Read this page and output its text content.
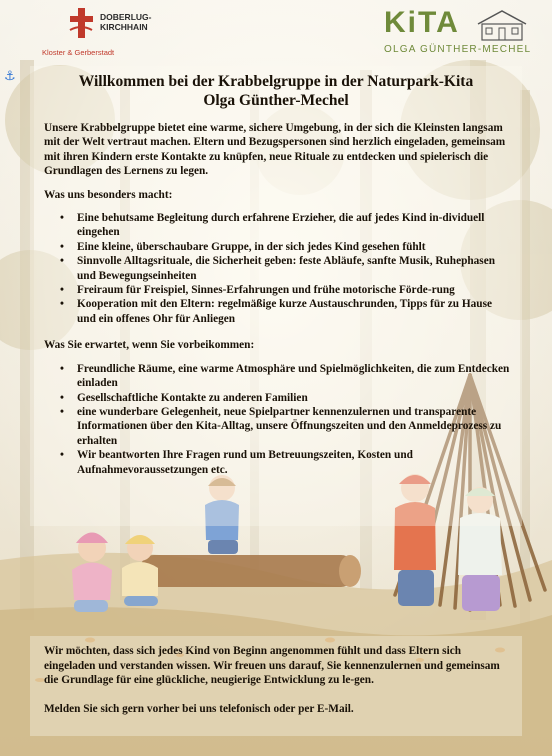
DOBERLUG-
KIRCHHAIN
Kloster & Gerberstadt
KiTA
OLGA GÜNTHER-MECHEL
⚓	Willkommen bei der Krabbelgruppe in der Naturpark-Kita
Olga Günther-Mechel

Unsere Krabbelgruppe bietet eine warme, sichere Umgebung, in der sich die Kleinsten langsam mit der Welt vertraut machen. Eltern und Bezugspersonen sind herzlich eingeladen, gemeinsam mit ihren Kindern erste Kontakte zu knüpfen, neue Rituale zu entdecken und spielerisch die Grundlagen des Lernens zu legen.

Was uns besonders macht:

• Eine behutsame Begleitung durch erfahrene Erzieher, die auf jedes Kind in-dividuell eingehen
• Eine kleine, überschaubare Gruppe, in der sich jedes Kind gesehen fühlt
• Sinnvolle Alltagsrituale, die Sicherheit geben: feste Abläufe, sanfte Musik, Ruhephasen und Bewegungseinheiten
• Freiraum für Freispiel, Sinnes-Erfahrungen und frühe motorische Förde-rung
• Kooperation mit den Eltern: regelmäßige kurze Austauschrunden, Tipps für zu Hause und ein offenes Ohr für Anliegen

Was Sie erwartet, wenn Sie vorbeikommen:

• Freundliche Räume, eine warme Atmosphäre und Spielmöglichkeiten, die zum Entdecken einladen
• Gesellschaftliche Kontakte zu anderen Familien
• eine wunderbare Gelegenheit, neue Spielpartner kennenzulernen und transparente Informationen über den Kita-Alltag, unsere Öffnungszeiten und den Anmeldeprozess zu erhalten
• Wir beantworten Ihre Fragen rund um Betreuungszeiten, Kosten und Aufnahmevoraussetzungen etc.

Wir möchten, dass sich jedes Kind von Beginn angenommen fühlt und dass Eltern sich eingeladen und verstanden wissen. Wir freuen uns darauf, Sie kennenzulernen und gemeinsam die Grundlage für eine glückliche, neugierige Entwicklung zu le-gen.

Melden Sie sich gern vorher bei uns telefonisch oder per E-Mail.
